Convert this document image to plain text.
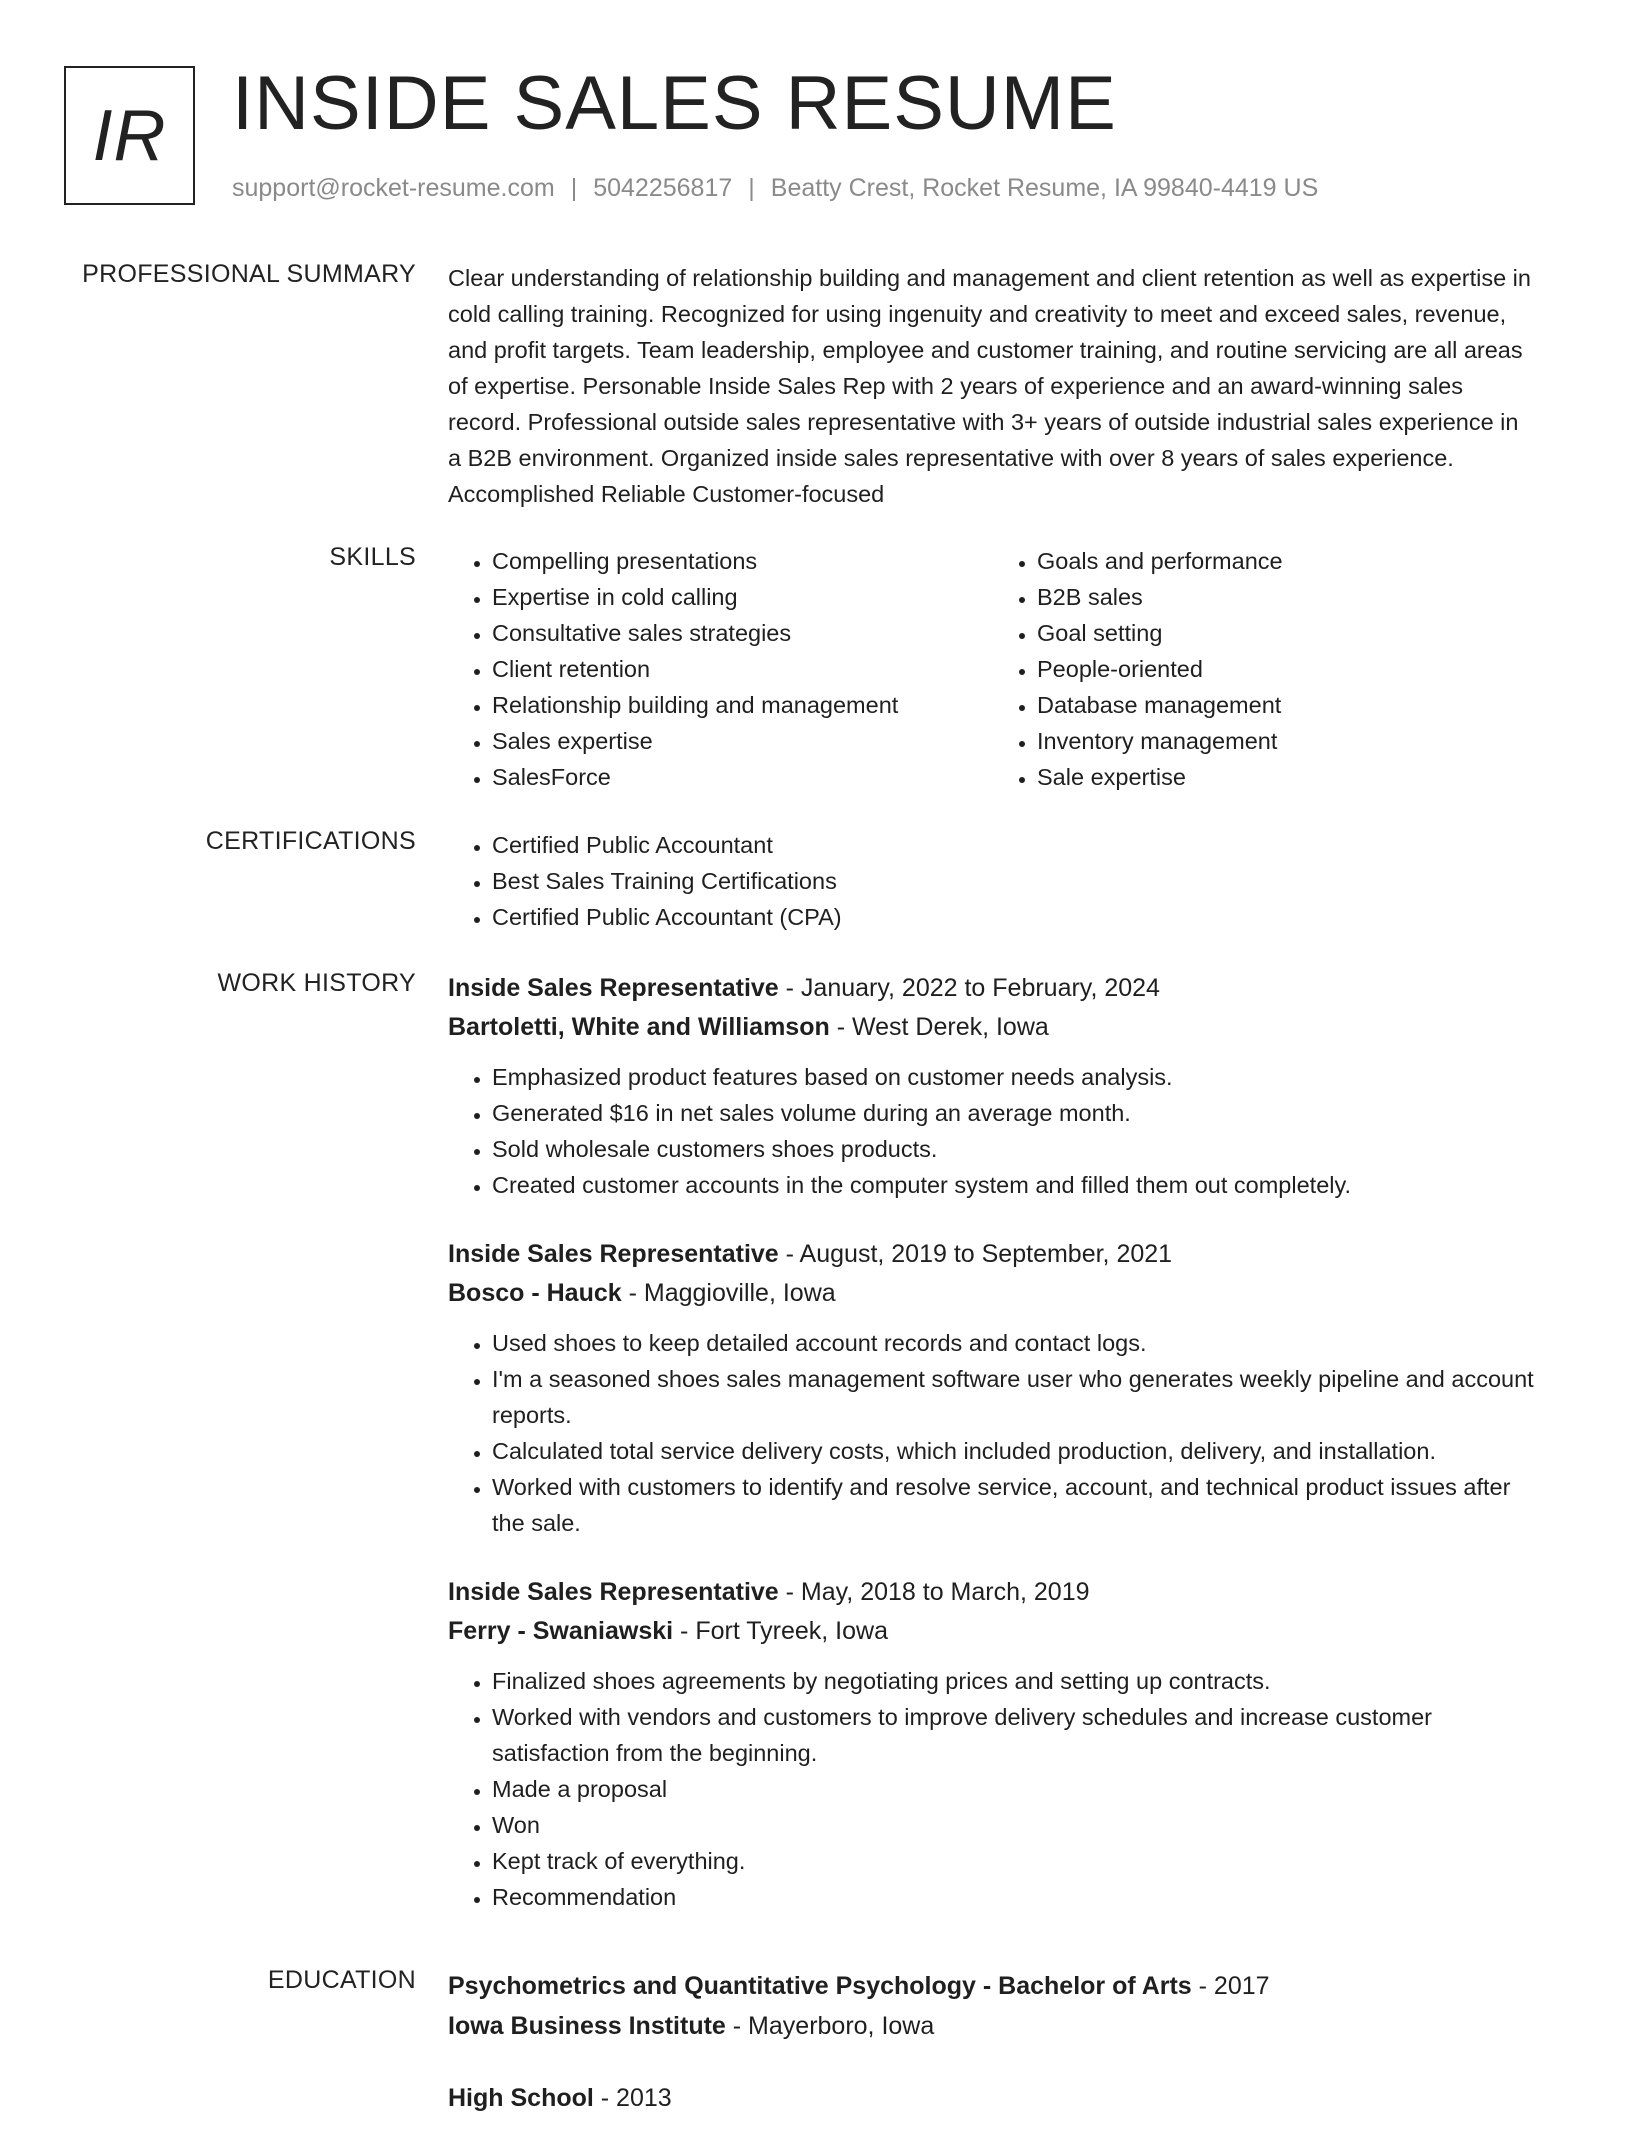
IR INSIDE SALES RESUME
support@rocket-resume.com | 5042256817 | Beatty Crest, Rocket Resume, IA 99840-4419 US
PROFESSIONAL SUMMARY Clear understanding of relationship building and management and client retention as well as expertise in cold calling training. Recognized for using ingenuity and creativity to meet and exceed sales, revenue, and profit targets. Team leadership, employee and customer training, and routine servicing are all areas of expertise. Personable Inside Sales Rep with 2 years of experience and an award-winning sales record. Professional outside sales representative with 3+ years of outside industrial sales experience in a B2B environment. Organized inside sales representative with over 8 years of sales experience. Accomplished Reliable Customer-focused
SKILLS	• Compelling presentations
• Expertise in cold calling
• Consultative sales strategies
• Client retention
• Relationship building and management
• Sales expertise
• SalesForce
• Goals and performance
• B2B sales
• Goal setting
• People-oriented
• Database management
• Inventory management
• Sale expertise
CERTIFICATIONS	• Certified Public Accountant
• Best Sales Training Certifications
• Certified Public Accountant (CPA)
WORK HISTORY Inside Sales Representative - January, 2022 to February, 2024
Bartoletti, White and Williamson - West Derek, Iowa
• Emphasized product features based on customer needs analysis.
• Generated $16 in net sales volume during an average month.
• Sold wholesale customers shoes products.
• Created customer accounts in the computer system and filled them out completely.
Inside Sales Representative - August, 2019 to September, 2021
Bosco - Hauck - Maggioville, Iowa
• Used shoes to keep detailed account records and contact logs.
• I'm a seasoned shoes sales management software user who generates weekly pipeline and account reports.
• Calculated total service delivery costs, which included production, delivery, and installation.
• Worked with customers to identify and resolve service, account, and technical product issues after the sale.
Inside Sales Representative - May, 2018 to March, 2019
Ferry - Swaniawski - Fort Tyreek, Iowa
• Finalized shoes agreements by negotiating prices and setting up contracts.
• Worked with vendors and customers to improve delivery schedules and increase customer satisfaction from the beginning.
• Made a proposal
• Won
• Kept track of everything.
• Recommendation
EDUCATION Psychometrics and Quantitative Psychology - Bachelor of Arts - 2017
Iowa Business Institute - Mayerboro, Iowa
High School - 2013
